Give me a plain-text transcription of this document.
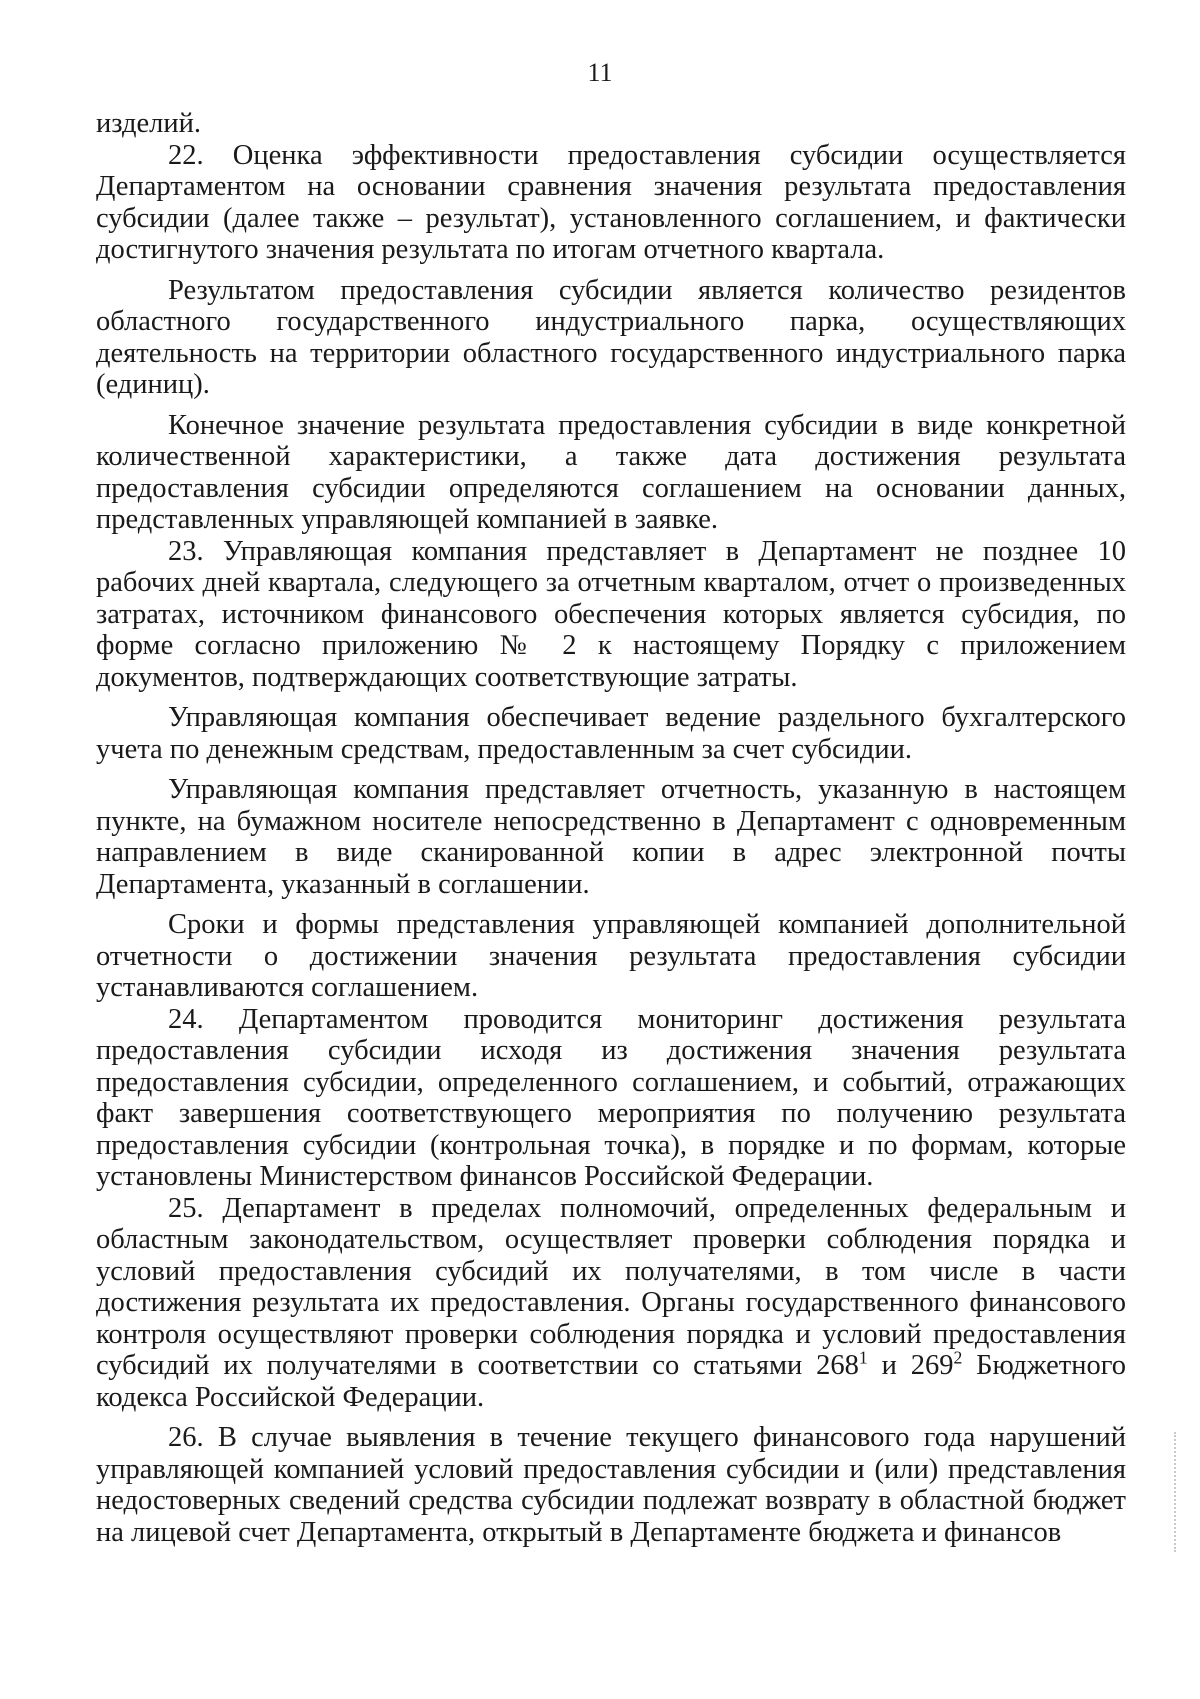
11

изделий.

22. Оценка эффективности предоставления субсидии осуществляется Департаментом на основании сравнения значения результата предоставления субсидии (далее также – результат), установленного соглашением, и фактически достигнутого значения результата по итогам отчетного квартала.

Результатом предоставления субсидии является количество резидентов областного государственного индустриального парка, осуществляющих деятельность на территории областного государственного индустриального парка (единиц).

Конечное значение результата предоставления субсидии в виде конкретной количественной характеристики, а также дата достижения результата предоставления субсидии определяются соглашением на основании данных, представленных управляющей компанией в заявке.

23. Управляющая компания представляет в Департамент не позднее 10 рабочих дней квартала, следующего за отчетным кварталом, отчет о произведенных затратах, источником финансового обеспечения которых является субсидия, по форме согласно приложению № 2 к настоящему Порядку с приложением документов, подтверждающих соответствующие затраты.

Управляющая компания обеспечивает ведение раздельного бухгалтерского учета по денежным средствам, предоставленным за счет субсидии.

Управляющая компания представляет отчетность, указанную в настоящем пункте, на бумажном носителе непосредственно в Департамент с одновременным направлением в виде сканированной копии в адрес электронной почты Департамента, указанный в соглашении.

Сроки и формы представления управляющей компанией дополнительной отчетности о достижении значения результата предоставления субсидии устанавливаются соглашением.

24. Департаментом проводится мониторинг достижения результата предоставления субсидии исходя из достижения значения результата предоставления субсидии, определенного соглашением, и событий, отражающих факт завершения соответствующего мероприятия по получению результата предоставления субсидии (контрольная точка), в порядке и по формам, которые установлены Министерством финансов Российской Федерации.

25. Департамент в пределах полномочий, определенных федеральным и областным законодательством, осуществляет проверки соблюдения порядка и условий предоставления субсидий их получателями, в том числе в части достижения результата их предоставления. Органы государственного финансового контроля осуществляют проверки соблюдения порядка и условий предоставления субсидий их получателями в соответствии со статьями $268^1$ и $269^2$ Бюджетного кодекса Российской Федерации.

26. В случае выявления в течение текущего финансового года нарушений управляющей компанией условий предоставления субсидии и (или) представления недостоверных сведений средства субсидии подлежат возврату в областной бюджет на лицевой счет Департамента, открытый в Департаменте бюджета и финансов
